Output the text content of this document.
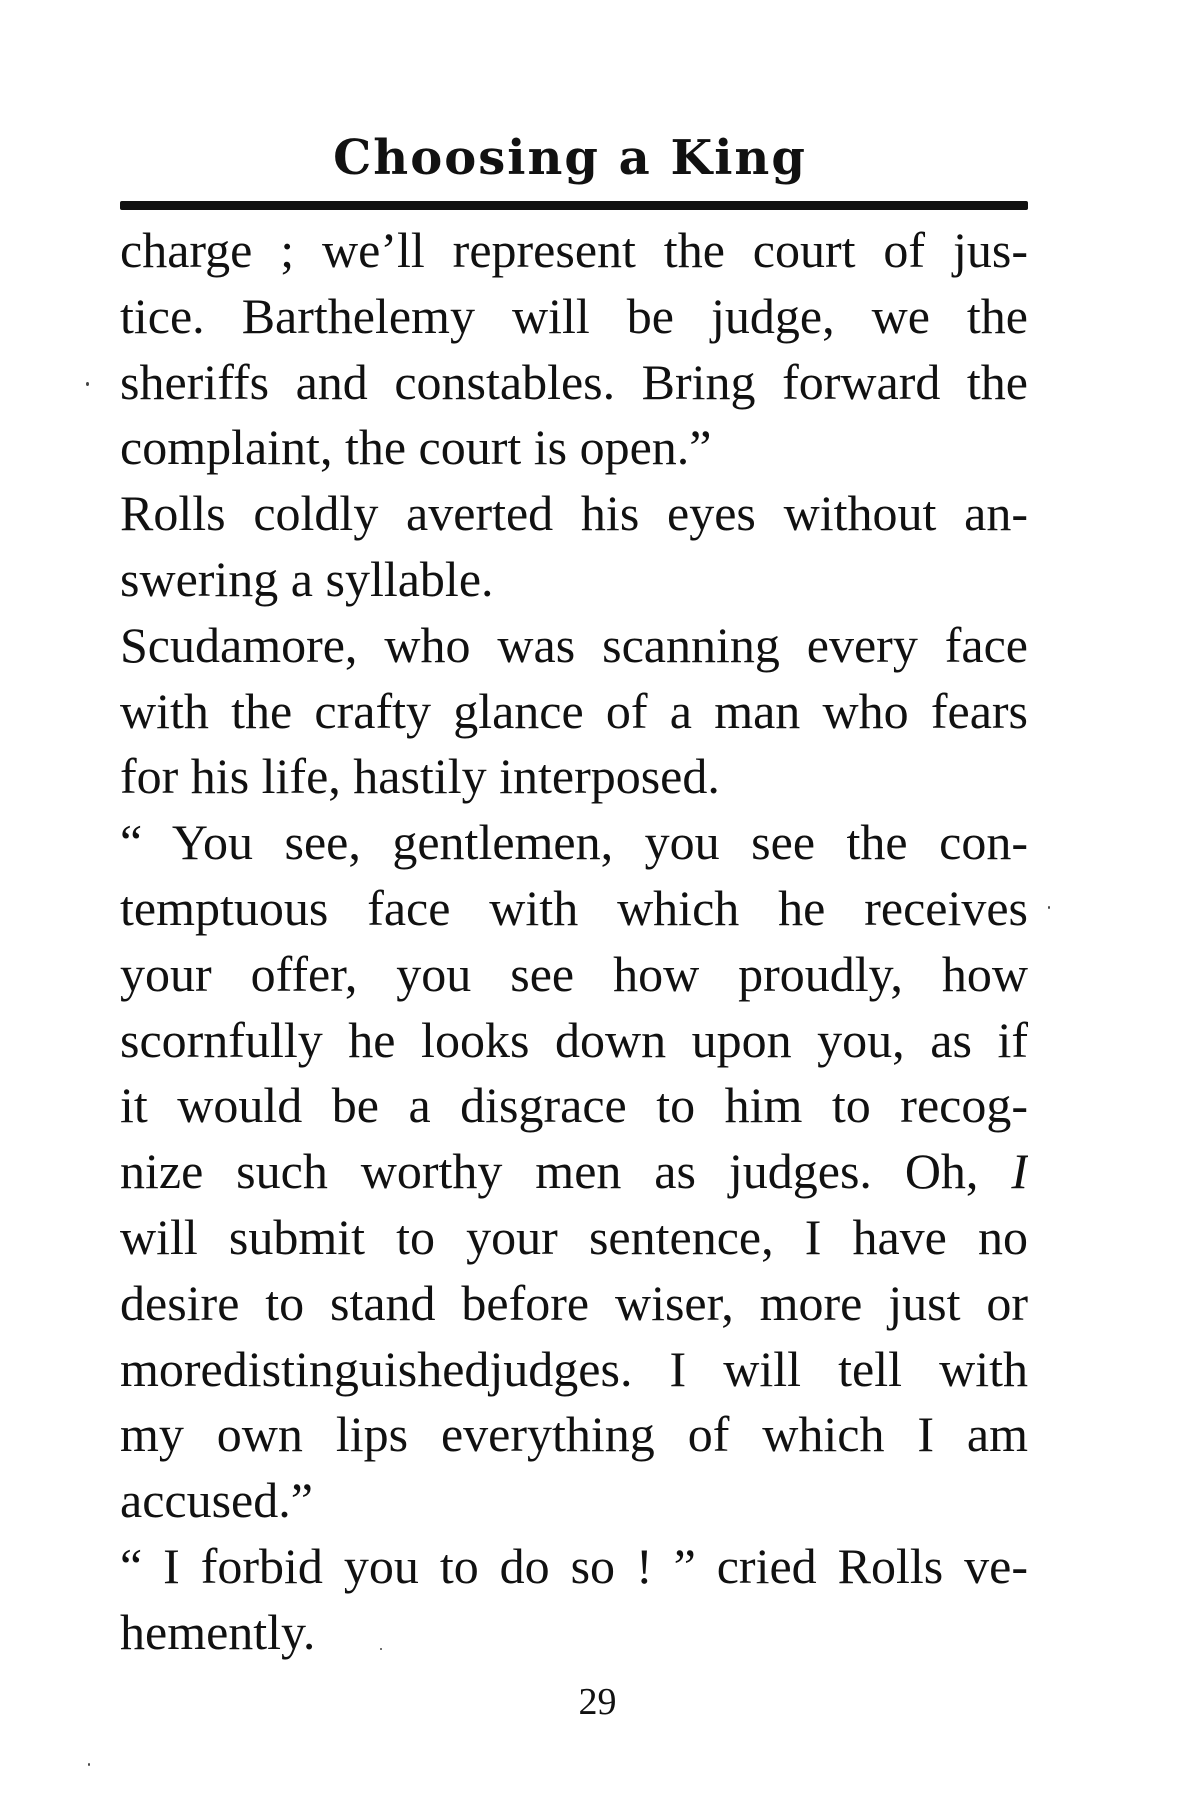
Choosing a King
charge ; we’ll represent the court of jus-
tice. Barthelemy will be judge, we the
sheriffs and constables. Bring forward the
complaint, the court is open.”
Rolls coldly averted his eyes without an-
swering a syllable.
Scudamore, who was scanning every face
with the crafty glance of a man who fears
for his life, hastily interposed.
“ You see, gentlemen, you see the con-
temptuous face with which he receives
your offer, you see how proudly, how
scornfully he looks down upon you, as if
it would be a disgrace to him to recog-
nize such worthy men as judges. Oh, I
will submit to your sentence, I have no
desire to stand before wiser, more just or
moredistinguishedjudges. I will tell with
my own lips everything of which I am
accused.”
“ I forbid you to do so ! ” cried Rolls ve-
hemently.
29
